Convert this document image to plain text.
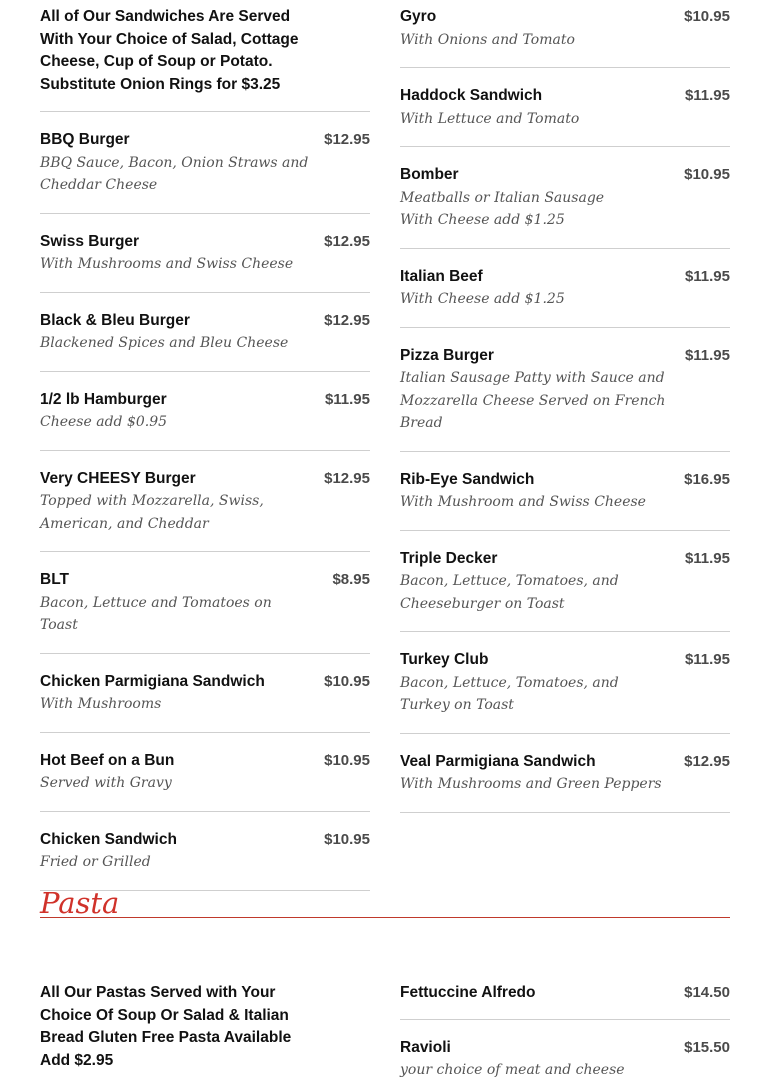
All of Our Sandwiches Are Served With Your Choice of Salad, Cottage Cheese, Cup of Soup or Potato. Substitute Onion Rings for $3.25
$12.95
BBQ Burger
BBQ Sauce, Bacon, Onion Straws and Cheddar Cheese
$12.95
Swiss Burger
With Mushrooms and Swiss Cheese
$12.95
Black & Bleu Burger
Blackened Spices and Bleu Cheese
$11.95
1/2 lb Hamburger
Cheese add $0.95
$12.95
Very CHEESY Burger
Topped with Mozzarella, Swiss, American, and Cheddar
$8.95
BLT
Bacon, Lettuce and Tomatoes on Toast
$10.95
Chicken Parmigiana Sandwich
With Mushrooms
$10.95
Hot Beef on a Bun
Served with Gravy
$10.95
Chicken Sandwich
Fried or Grilled
$10.95
Gyro
With Onions and Tomato
$11.95
Haddock Sandwich
With Lettuce and Tomato
$10.95
Bomber
Meatballs or Italian Sausage
With Cheese add $1.25
$11.95
Italian Beef
With Cheese add $1.25
$11.95
Pizza Burger
Italian Sausage Patty with Sauce and Mozzarella Cheese Served on French Bread
$16.95
Rib-Eye Sandwich
With Mushroom and Swiss Cheese
$11.95
Triple Decker
Bacon, Lettuce, Tomatoes, and Cheeseburger on Toast
$11.95
Turkey Club
Bacon, Lettuce, Tomatoes, and Turkey on Toast
$12.95
Veal Parmigiana Sandwich
With Mushrooms and Green Peppers
Pasta
All Our Pastas Served with Your Choice Of Soup Or Salad & Italian Bread Gluten Free Pasta Available Add $2.95
$14.50
Fettuccine Alfredo
$15.50
Ravioli
your choice of meat and cheese
